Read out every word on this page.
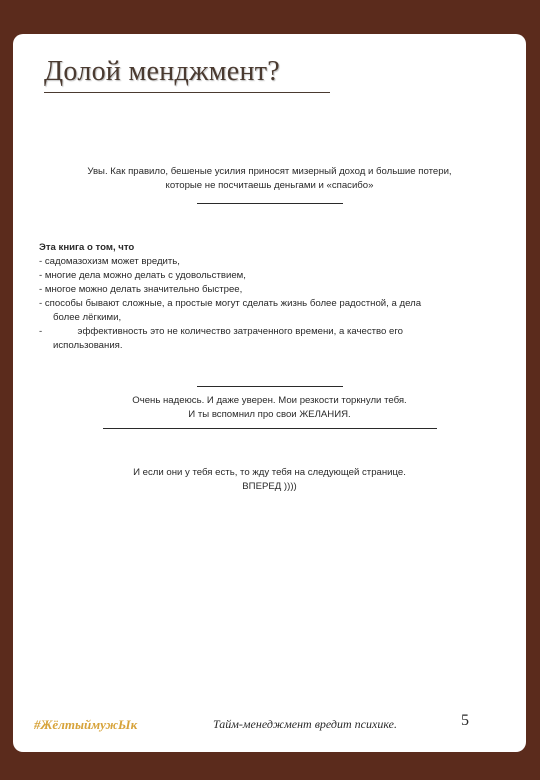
Долой менджмент?
Увы. Как правило, бешеные усилия приносят мизерный доход и большие потери,
которые не посчитаешь деньгами и «спасибо»
Эта книга о том, что
- садомазохизм может вредить,
- многие дела можно делать с удовольствием,
- многое можно делать значительно быстрее,
- способы бывают сложные, а простые могут сделать жизнь более радостной, а дела
более лёгкими,
-	эффективность это не количество затраченного времени, а качество его
использования.
Очень надеюсь. И даже уверен. Мои резкости торкнули тебя.
И ты вспомнил про свои ЖЕЛАНИЯ.
И если они у тебя есть, то жду тебя на следующей странице.
ВПЕРЕД ))))
#ЖёлтыймужЫк	Тайм-менеджмент вредит психике.	5
